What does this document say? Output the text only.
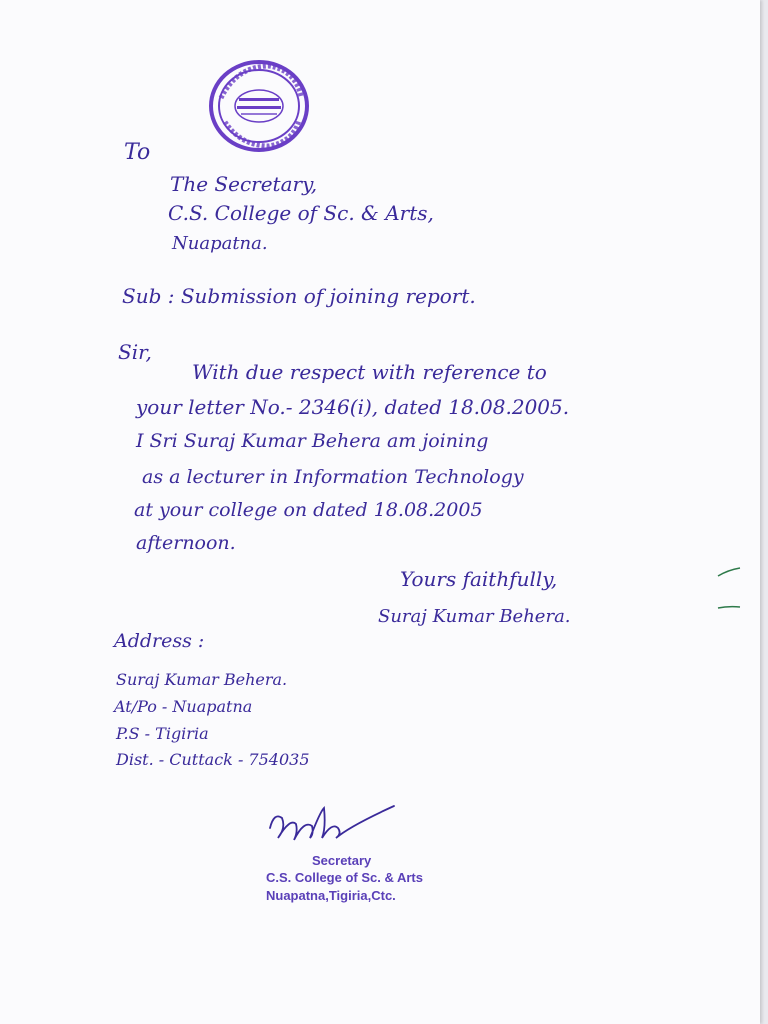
To
The Secretary,
C.S. College of Sc. & Arts,
Nuapatna.
Sub : Submission of joining report.
Sir,
With due respect with reference to
your letter No.- 2346(i), dated 18.08.2005.
I Sri Suraj Kumar Behera am joining
as a lecturer in Information Technology
at your college on dated 18.08.2005
afternoon.
Yours faithfully,
Suraj Kumar Behera.
Address :
Suraj Kumar Behera.
At/Po - Nuapatna
P.S - Tigiria
Dist. - Cuttack - 754035
Secretary
C.S. College of Sc. & Arts
Nuapatna,Tigiria,Ctc.
